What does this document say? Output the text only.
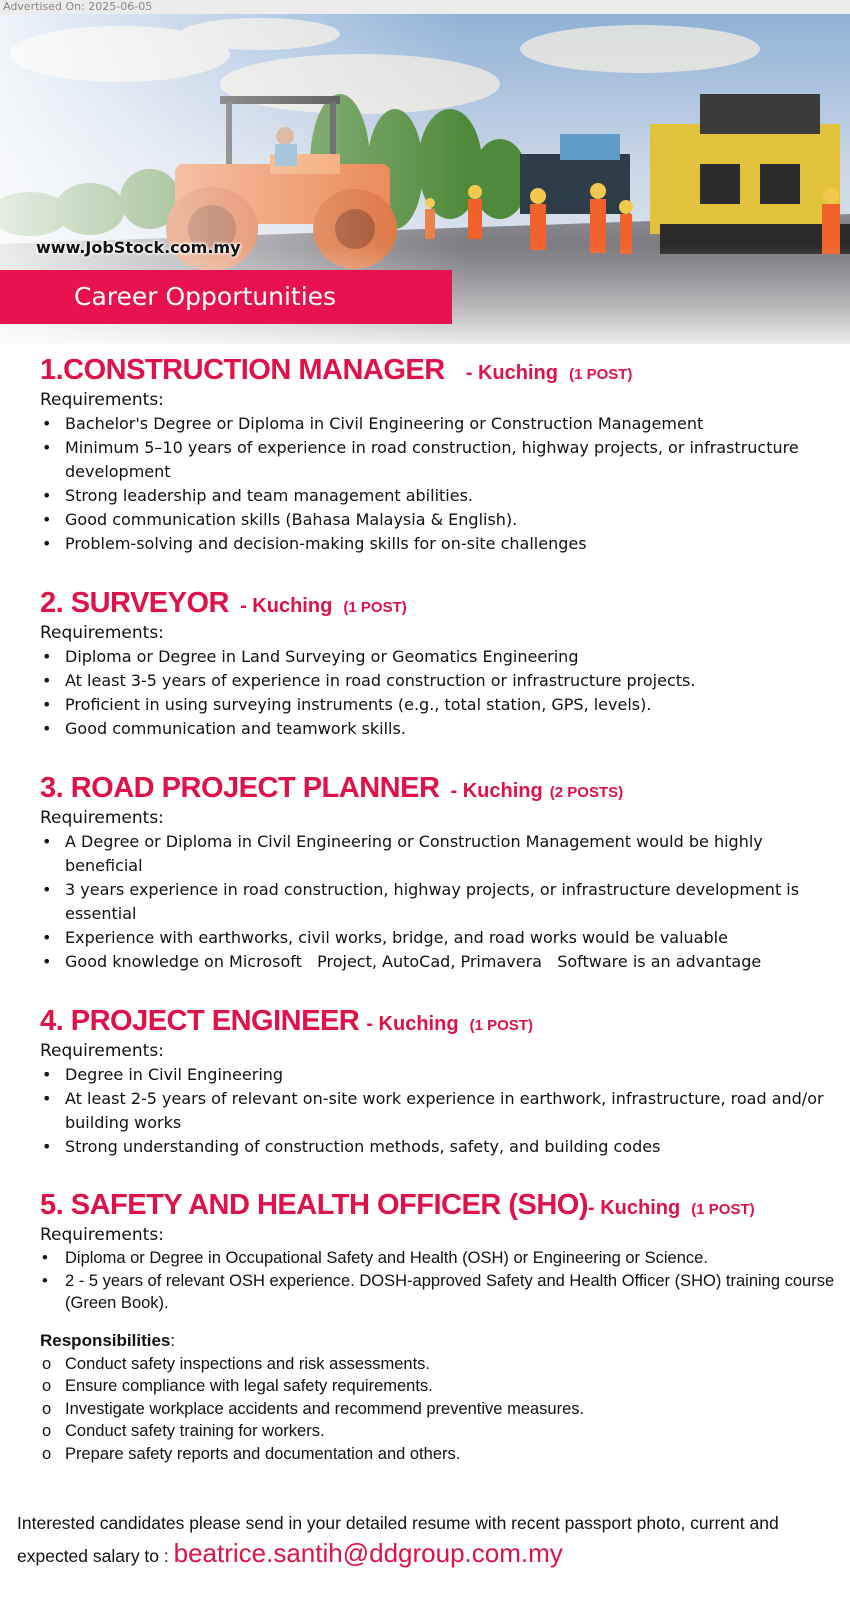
Advertised On: 2025-06-05
www.JobStock.com.my
Career Opportunities
1.CONSTRUCTION MANAGER - Kuching (1 POST)
Requirements:
• Bachelor's Degree or Diploma in Civil Engineering or Construction Management
• Minimum 5–10 years of experience in road construction, highway projects, or infrastructure development
• Strong leadership and team management abilities.
• Good communication skills (Bahasa Malaysia & English).
• Problem-solving and decision-making skills for on-site challenges
2. SURVEYOR - Kuching (1 POST)
Requirements:
• Diploma or Degree in Land Surveying or Geomatics Engineering
• At least 3-5 years of experience in road construction or infrastructure projects.
• Proficient in using surveying instruments (e.g., total station, GPS, levels).
• Good communication and teamwork skills.
3. ROAD PROJECT PLANNER - Kuching (2 POSTS)
Requirements:
• A Degree or Diploma in Civil Engineering or Construction Management would be highly beneficial
• 3 years experience in road construction, highway projects, or infrastructure development is essential
• Experience with earthworks, civil works, bridge, and road works would be valuable
• Good knowledge on Microsoft   Project, AutoCad, Primavera   Software is an advantage
4. PROJECT ENGINEER - Kuching (1 POST)
Requirements:
• Degree in Civil Engineering
• At least 2-5 years of relevant on-site work experience in earthwork, infrastructure, road and/or building works
• Strong understanding of construction methods, safety, and building codes
5. SAFETY AND HEALTH OFFICER (SHO)- Kuching (1 POST)
Requirements:
• Diploma or Degree in Occupational Safety and Health (OSH) or Engineering or Science.
• 2 - 5 years of relevant OSH experience. DOSH-approved Safety and Health Officer (SHO) training course (Green Book).
Responsibilities:
o Conduct safety inspections and risk assessments.
o Ensure compliance with legal safety requirements.
o Investigate workplace accidents and recommend preventive measures.
o Conduct safety training for workers.
o Prepare safety reports and documentation and others.
Interested candidates please send in your detailed resume with recent passport photo, current and expected salary to : beatrice.santih@ddgroup.com.my
